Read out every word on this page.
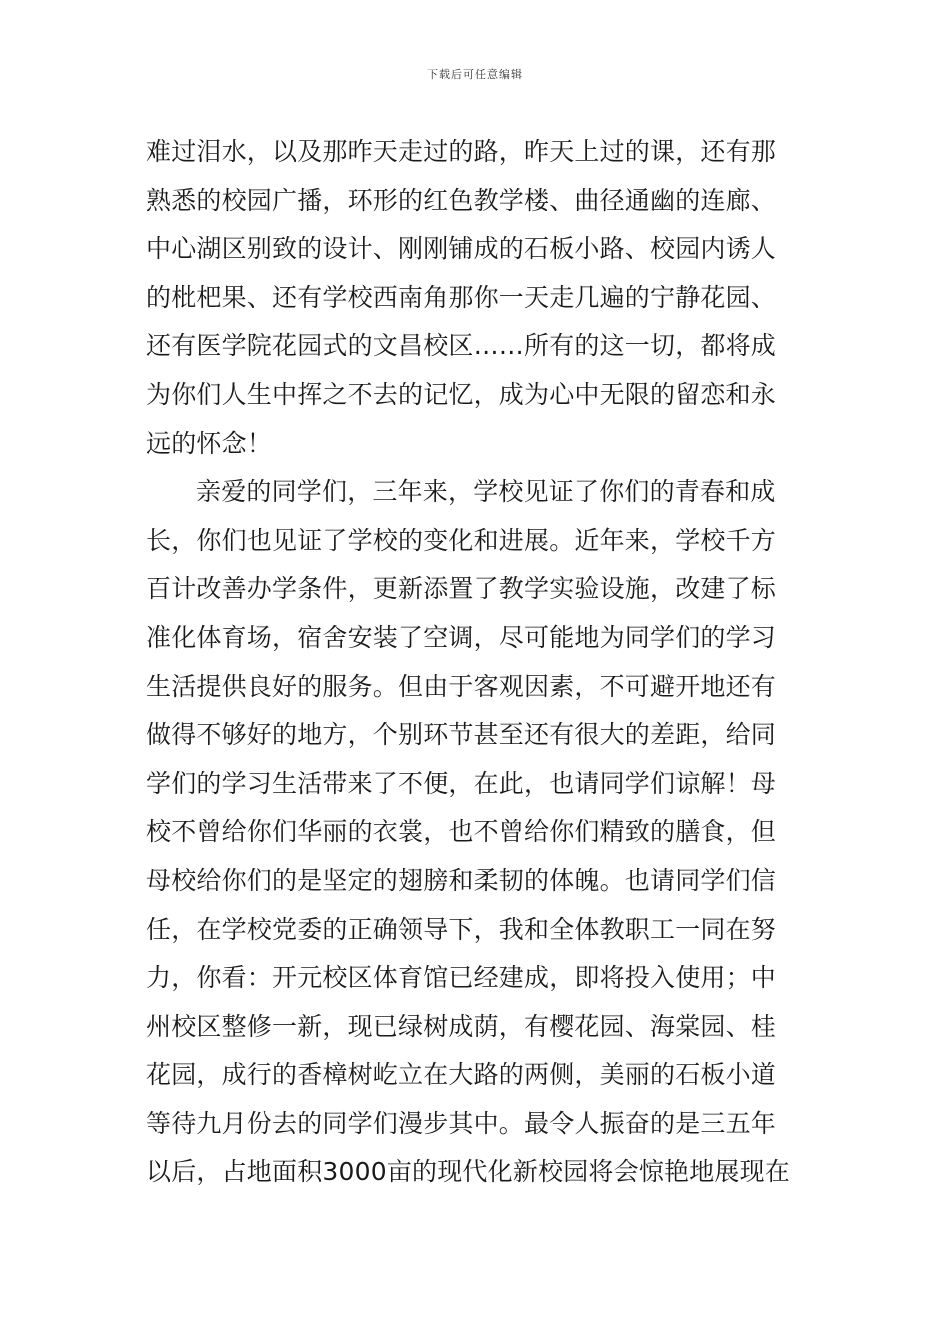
下载后可任意编辑
难过泪水，以及那昨天走过的路，昨天上过的课，还有那
熟悉的校园广播，环形的红色教学楼、曲径通幽的连廊、
中心湖区别致的设计、刚刚铺成的石板小路、校园内诱人
的枇杷果、还有学校西南角那你一天走几遍的宁静花园、
还有医学院花园式的文昌校区……所有的这一切，都将成
为你们人生中挥之不去的记忆，成为心中无限的留恋和永
远的怀念！
亲爱的同学们，三年来，学校见证了你们的青春和成
长，你们也见证了学校的变化和进展。近年来，学校千方
百计改善办学条件，更新添置了教学实验设施，改建了标
准化体育场，宿舍安装了空调，尽可能地为同学们的学习
生活提供良好的服务。但由于客观因素，不可避开地还有
做得不够好的地方，个别环节甚至还有很大的差距，给同
学们的学习生活带来了不便，在此，也请同学们谅解！母
校不曾给你们华丽的衣裳，也不曾给你们精致的膳食，但
母校给你们的是坚定的翅膀和柔韧的体魄。也请同学们信
任，在学校党委的正确领导下，我和全体教职工一同在努
力，你看：开元校区体育馆已经建成，即将投入使用；中
州校区整修一新，现已绿树成荫，有樱花园、海棠园、桂
花园，成行的香樟树屹立在大路的两侧，美丽的石板小道
等待九月份去的同学们漫步其中。最令人振奋的是三五年
以后，占地面积3000亩的现代化新校园将会惊艳地展现在
